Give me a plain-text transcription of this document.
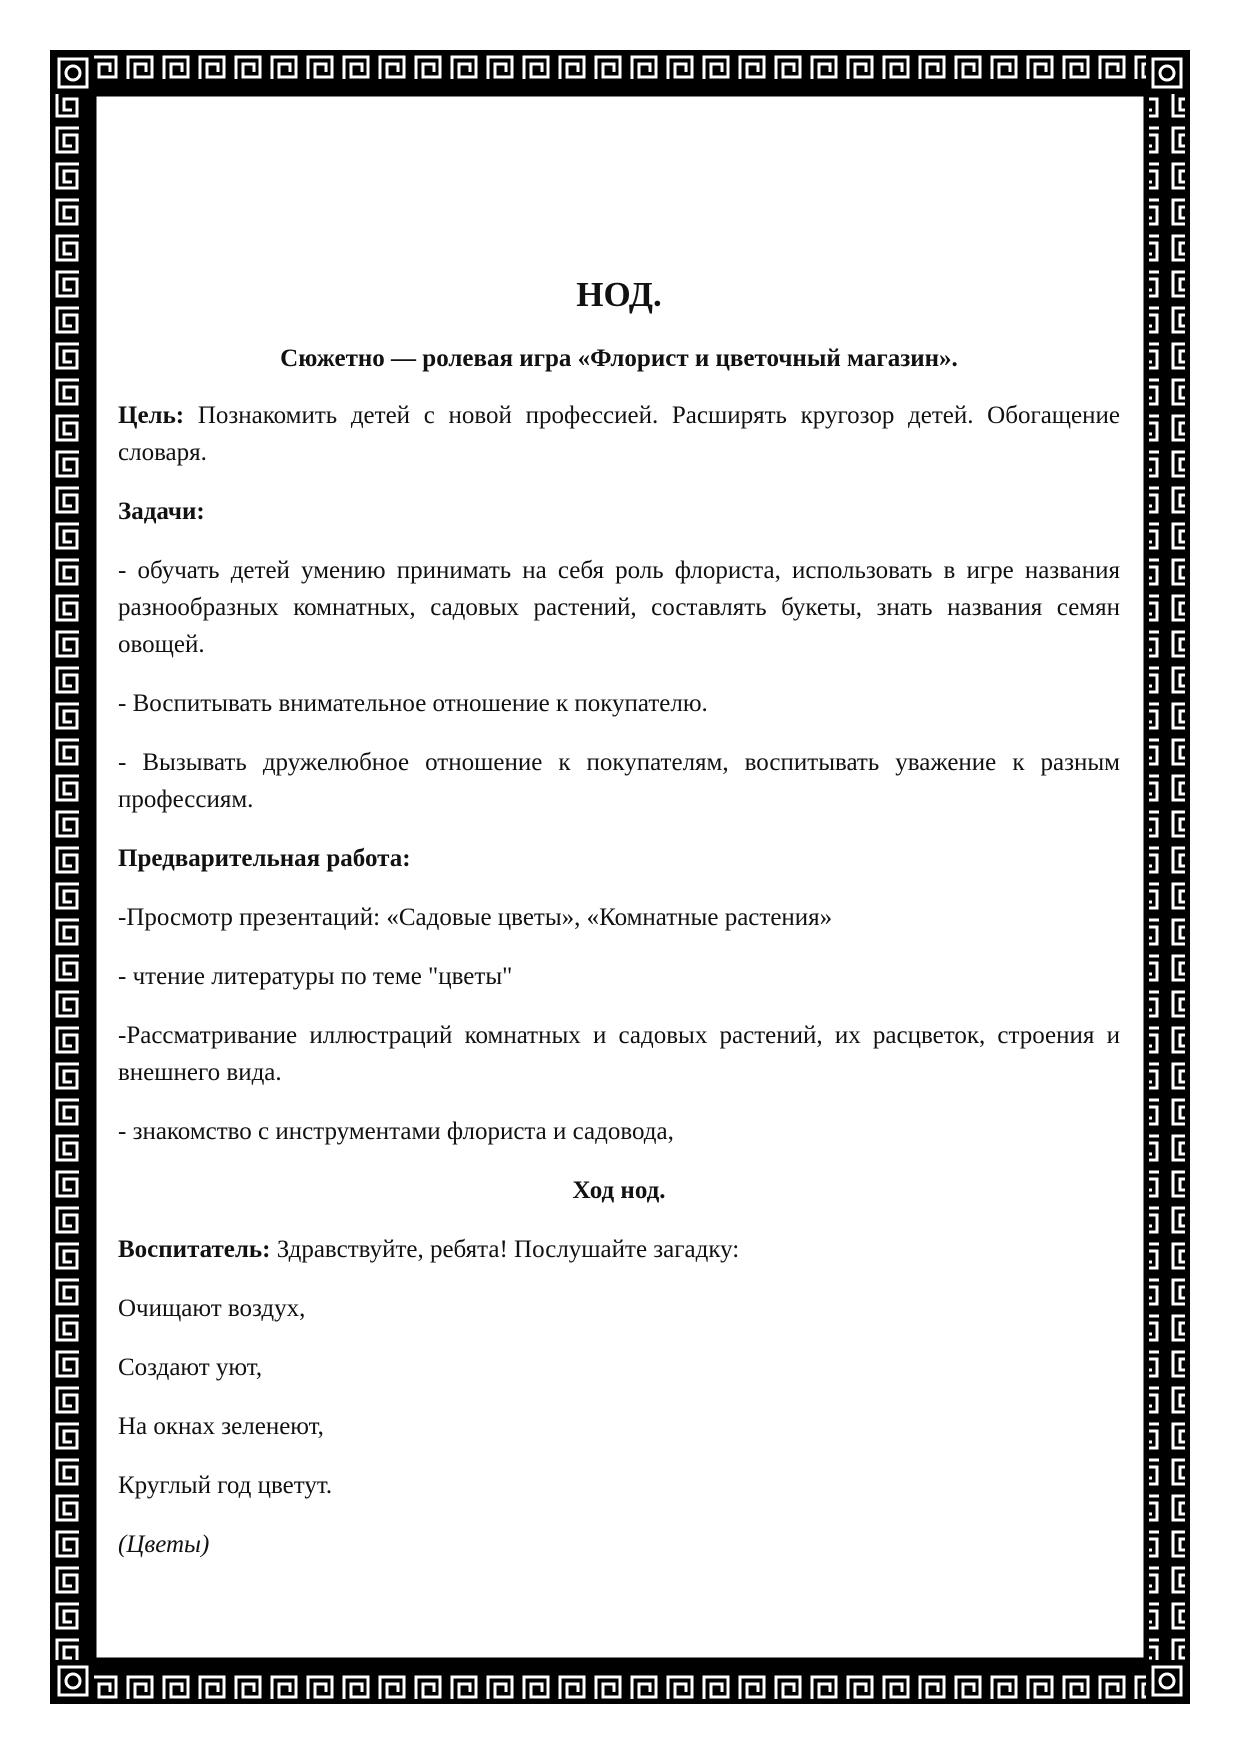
НОД.
Сюжетно — ролевая игра «Флорист и цветочный магазин».

Цель: Познакомить детей с новой профессией. Расширять кругозор детей. Обогащение словаря.

Задачи:

- обучать детей умению принимать на себя роль флориста, использовать в игре названия разнообразных комнатных, садовых растений, составлять букеты, знать названия семян овощей.

- Воспитывать внимательное отношение к покупателю.

- Вызывать дружелюбное отношение к покупателям, воспитывать уважение к разным профессиям.

Предварительная работа:

-Просмотр презентаций: «Садовые цветы», «Комнатные растения»

- чтение литературы по теме "цветы"

-Рассматривание иллюстраций комнатных и садовых растений, их расцветок, строения и внешнего вида.

- знакомство с инструментами флориста и садовода,

Ход нод.

Воспитатель: Здравствуйте, ребята! Послушайте загадку:

Очищают воздух,

Создают уют,

На окнах зеленеют,

Круглый год цветут.

(Цветы)
